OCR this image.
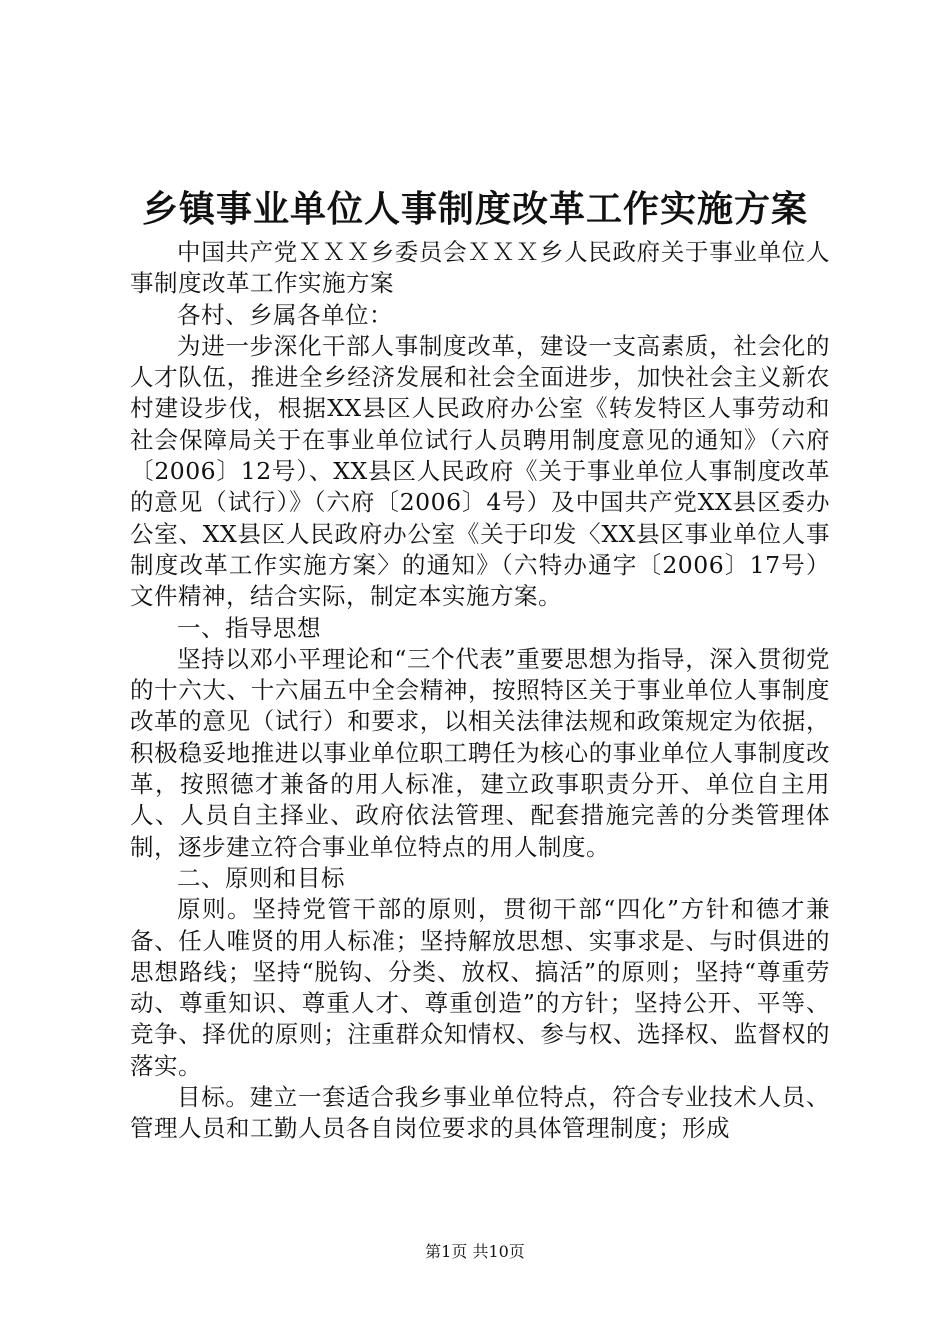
乡镇事业单位人事制度改革工作实施方案

中国共产党ＸＸＸ乡委员会ＸＸＸ乡人民政府关于事业单位人事制度改革工作实施方案

各村、乡属各单位：

为进一步深化干部人事制度改革，建设一支高素质，社会化的人才队伍，推进全乡经济发展和社会全面进步，加快社会主义新农村建设步伐，根据XX县区人民政府办公室《转发特区人事劳动和社会保障局关于在事业单位试行人员聘用制度意见的通知》（六府〔2006〕12号）、XX县区人民政府《关于事业单位人事制度改革的意见（试行）》（六府〔2006〕4号）及中国共产党XX县区委办公室、XX县区人民政府办公室《关于印发〈XX县区事业单位人事制度改革工作实施方案〉的通知》（六特办通字〔2006〕17号）文件精神，结合实际，制定本实施方案。

一、指导思想

坚持以邓小平理论和“三个代表”重要思想为指导，深入贯彻党的十六大、十六届五中全会精神，按照特区关于事业单位人事制度改革的意见（试行）和要求，以相关法律法规和政策规定为依据，积极稳妥地推进以事业单位职工聘任为核心的事业单位人事制度改革，按照德才兼备的用人标准，建立政事职责分开、单位自主用人、人员自主择业、政府依法管理、配套措施完善的分类管理体制，逐步建立符合事业单位特点的用人制度。

二、原则和目标

原则。坚持党管干部的原则，贯彻干部“四化”方针和德才兼备、任人唯贤的用人标准；坚持解放思想、实事求是、与时俱进的思想路线；坚持“脱钩、分类、放权、搞活”的原则；坚持“尊重劳动、尊重知识、尊重人才、尊重创造”的方针；坚持公开、平等、竞争、择优的原则；注重群众知情权、参与权、选择权、监督权的落实。

目标。建立一套适合我乡事业单位特点，符合专业技术人员、管理人员和工勤人员各自岗位要求的具体管理制度；形成

第1页 共10页
